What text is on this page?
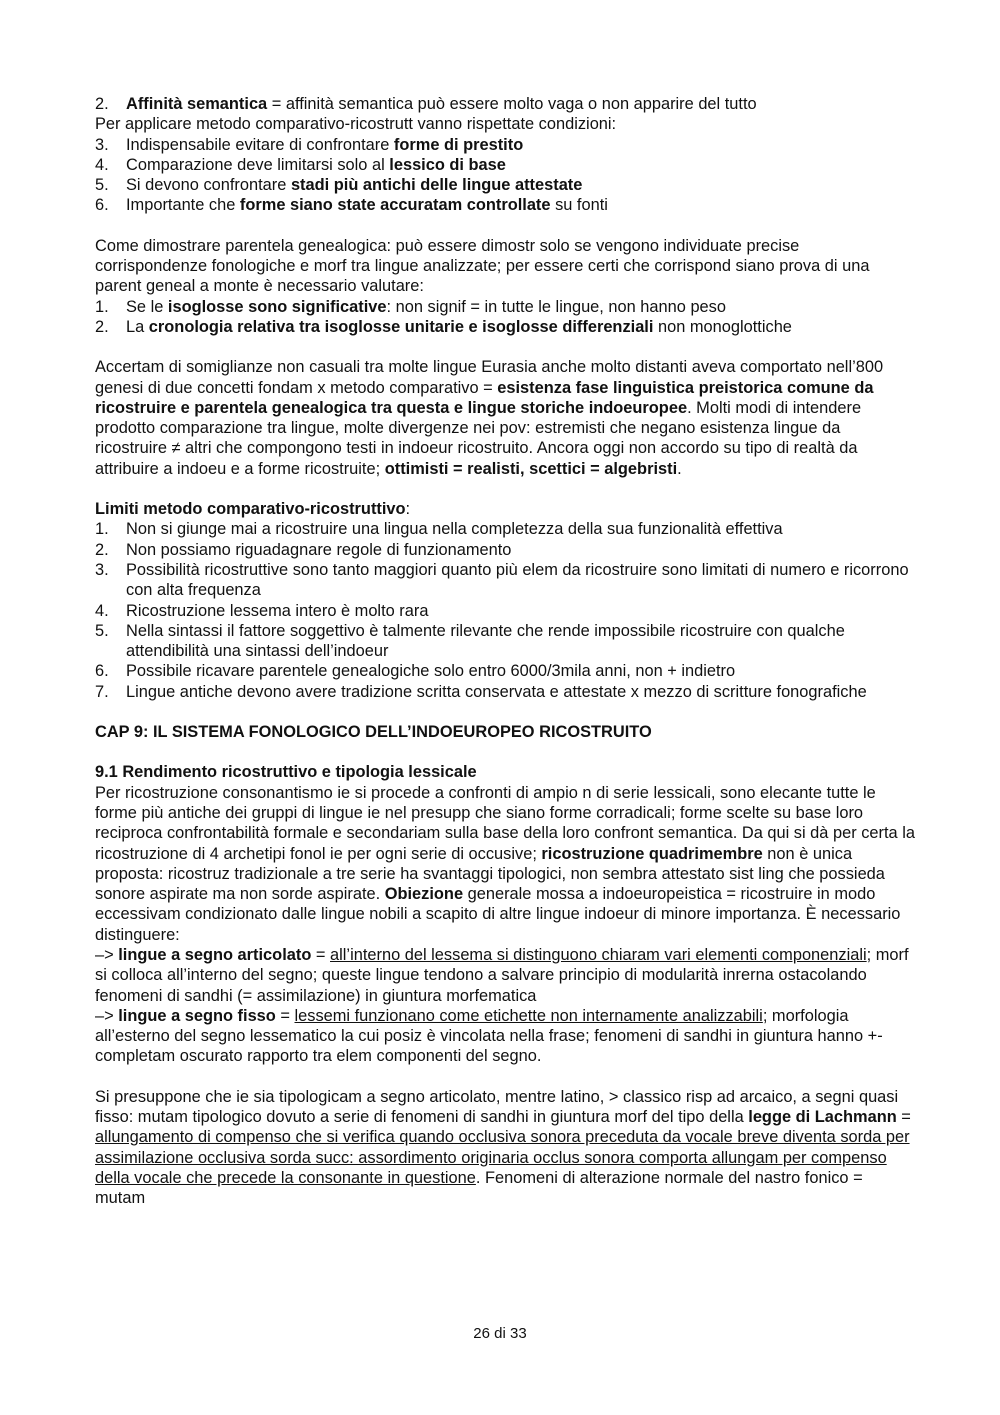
2.	Affinità semantica = affinità semantica può essere molto vaga o non apparire del tutto

Per applicare metodo comparativo-ricostrutt vanno rispettate condizioni:

3.	Indispensabile evitare di confrontare forme di prestito
4.	Comparazione deve limitarsi solo al lessico di base
5.	Si devono confrontare stadi più antichi delle lingue attestate
6.	Importante che forme siano state accuratam controllate su fonti

Come dimostrare parentela genealogica: può essere dimostr solo se vengono individuate precise corrispondenze fonologiche e morf tra lingue analizzate; per essere certi che corrispond siano prova di una parent geneal a monte è necessario valutare:

1.	Se le isoglosse sono significative: non signif = in tutte le lingue, non hanno peso
2.	La cronologia relativa tra isoglosse unitarie e isoglosse differenziali non monoglottiche

Accertam di somiglianze non casuali tra molte lingue Eurasia anche molto distanti aveva comportato nell’800 genesi di due concetti fondam x metodo comparativo = esistenza fase linguistica preistorica comune da ricostruire e parentela genealogica tra questa e lingue storiche indoeuropee. Molti modi di intendere prodotto comparazione tra lingue, molte divergenze nei pov: estremisti che negano esistenza lingue da ricostruire ≠ altri che compongono testi in indoeur ricostruito. Ancora oggi non accordo su tipo di realtà da attribuire a indoeu e a forme ricostruite; ottimisti = realisti, scettici = algebristi.

Limiti metodo comparativo-ricostruttivo:

1.	Non si giunge mai a ricostruire una lingua nella completezza della sua funzionalità effettiva
2.	Non possiamo riguadagnare regole di funzionamento
3.	Possibilità ricostruttive sono tanto maggiori quanto più elem da ricostruire sono limitati di numero e ricorrono con alta frequenza
4.	Ricostruzione lessema intero è molto rara
5.	Nella sintassi il fattore soggettivo è talmente rilevante che rende impossibile ricostruire con qualche attendibilità una sintassi dell’indoeur
6.	Possibile ricavare parentele genealogiche solo entro 6000/3mila anni, non + indietro
7.	Lingue antiche devono avere tradizione scritta conservata e attestate x mezzo di scritture fonografiche

CAP 9: IL SISTEMA FONOLOGICO DELL’INDOEUROPEO RICOSTRUITO

9.1 Rendimento ricostruttivo e tipologia lessicale

Per ricostruzione consonantismo ie si procede a confronti di ampio n di serie lessicali, sono elecante tutte le forme più antiche dei gruppi di lingue ie nel presupp che siano forme corradicali; forme scelte su base loro reciproca confrontabilità formale e secondariam sulla base della loro confront semantica. Da qui si dà per certa la ricostruzione di 4 archetipi fonol ie per ogni serie di occusive; ricostruzione quadrimembre non è unica proposta: ricostruz tradizionale a tre serie ha svantaggi tipologici, non sembra attestato sist ling che possieda sonore aspirate ma non sorde aspirate. Obiezione generale mossa a indoeuropeistica = ricostruire in modo eccessivam condizionato dalle lingue nobili a scapito di altre lingue indoeur di minore importanza. È necessario distinguere:

–> lingue a segno articolato = all’interno del lessema si distinguono chiaram vari elementi componenziali; morf si colloca all’interno del segno; queste lingue tendono a salvare principio di modularità inrerna ostacolando fenomeni di sandhi (= assimilazione) in giuntura morfematica

–> lingue a segno fisso = lessemi funzionano come etichette non internamente analizzabili; morfologia all’esterno del segno lessematico la cui posiz è vincolata nella frase; fenomeni di sandhi in giuntura hanno +- completam oscurato rapporto tra elem componenti del segno.

Si presuppone che ie sia tipologicam a segno articolato, mentre latino, > classico risp ad arcaico, a segni quasi fisso: mutam tipologico dovuto a serie di fenomeni di sandhi in giuntura morf del tipo della legge di Lachmann = allungamento di compenso che si verifica quando occlusiva sonora preceduta da vocale breve diventa sorda per assimilazione occlusiva sorda succ: assordimento originaria occlus sonora comporta allungam per compenso della vocale che precede la consonante in questione. Fenomeni di alterazione normale del nastro fonico = mutam

26 di 33
